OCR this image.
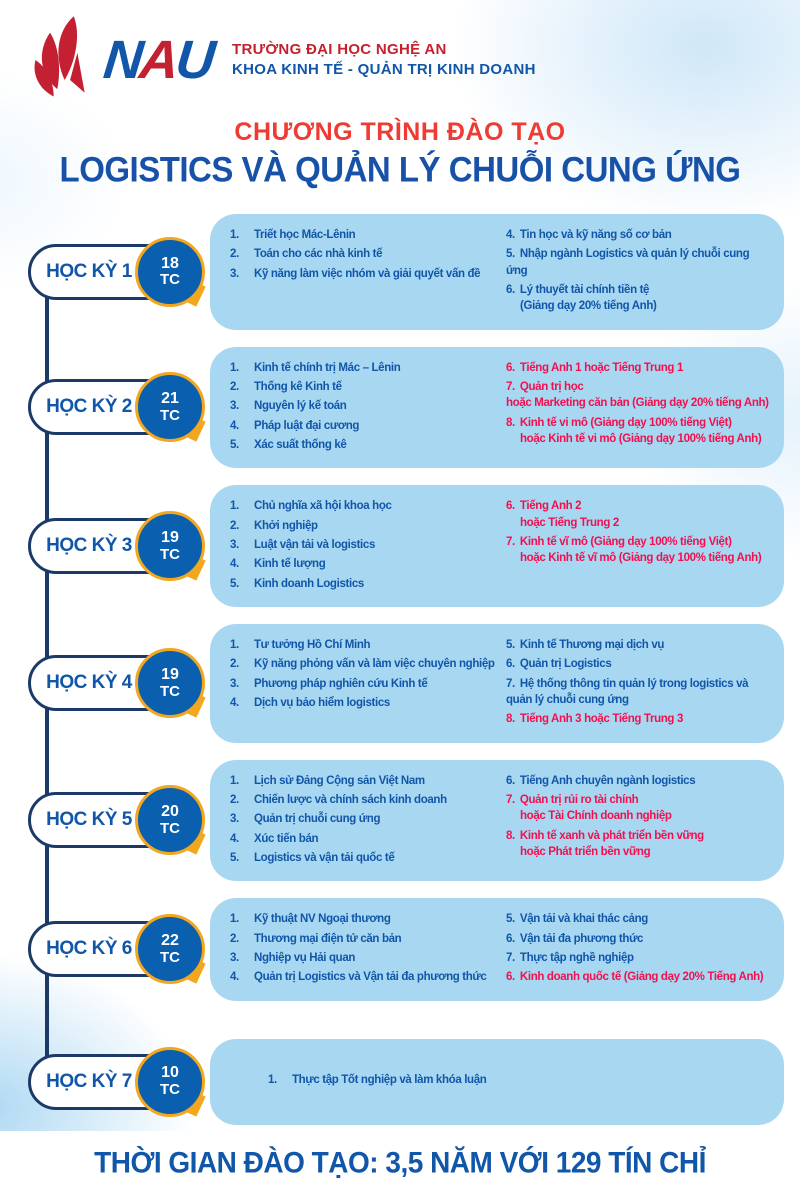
NAU TRƯỜNG ĐẠI HỌC NGHỆ AN
KHOA KINH TẾ - QUẢN TRỊ KINH DOANH
CHƯƠNG TRÌNH ĐÀO TẠO
LOGISTICS VÀ QUẢN LÝ CHUỖI CUNG ỨNG
HỌC KỲ 1 18
TC
1.	Triết học Mác-Lênin
2.	Toán cho các nhà kinh tế
3.	Kỹ năng làm việc nhóm và giải quyết vấn đề
4. Tin học và kỹ năng số cơ bản
5. Nhập ngành Logistics và quản lý chuỗi cung ứng
6. Lý thuyết tài chính tiền tệ
(Giảng dạy 20% tiếng Anh)
HỌC KỲ 2 21
TC
1.	Kinh tế chính trị Mác – Lênin
2.	Thống kê Kinh tế
3.	Nguyên lý kế toán
4.	Pháp luật đại cương
5.	Xác suất thống kê
6. Tiếng Anh 1 hoặc Tiếng Trung 1
7. Quản trị học
hoặc Marketing căn bản (Giảng dạy 20% tiếng Anh)
8. Kinh tế vi mô (Giảng dạy 100% tiếng Việt)
hoặc Kinh tế vi mô (Giảng dạy 100% tiếng Anh)
HỌC KỲ 3 19
TC
1.	Chủ nghĩa xã hội khoa học
2.	Khởi nghiệp
3.	Luật vận tải và logistics
4.	Kinh tế lượng
5.	Kinh doanh Logistics
6. Tiếng Anh 2
hoặc Tiếng Trung 2
7. Kinh tế vĩ mô (Giảng dạy 100% tiếng Việt)
hoặc Kinh tế vĩ mô (Giảng dạy 100% tiếng Anh)
HỌC KỲ 4 19
TC
1.	Tư tưởng Hồ Chí Minh
2.	Kỹ năng phỏng vấn và làm việc chuyên nghiệp
3.	Phương pháp nghiên cứu Kinh tế
4.	Dịch vụ bảo hiểm logistics
5. Kinh tế Thương mại dịch vụ
6. Quản trị Logistics
7. Hệ thống thông tin quản lý trong logistics và quản lý chuỗi cung ứng
8. Tiếng Anh 3 hoặc Tiếng Trung 3
HỌC KỲ 5 20
TC
1.	Lịch sử Đảng Cộng sản Việt Nam
2.	Chiến lược và chính sách kinh doanh
3.	Quản trị chuỗi cung ứng
4.	Xúc tiến bán
5.	Logistics và vận tải quốc tế
6. Tiếng Anh chuyên ngành logistics
7. Quản trị rủi ro tài chính
hoặc Tài Chính doanh nghiệp
8. Kinh tế xanh và phát triển bền vững
hoặc Phát triển bền vững
HỌC KỲ 6 22
TC
1.	Kỹ thuật NV Ngoại thương
2.	Thương mại điện tử căn bản
3.	Nghiệp vụ Hải quan
4.	Quản trị Logistics và Vận tải đa phương thức
5. Vận tải và khai thác cảng
6. Vận tải đa phương thức
7. Thực tập nghề nghiệp
6. Kinh doanh quốc tế (Giảng dạy 20% Tiếng Anh)
HỌC KỲ 7 10
TC
1.	Thực tập Tốt nghiệp và làm khóa luận
THỜI GIAN ĐÀO TẠO: 3,5 NĂM VỚI 129 TÍN CHỈ
